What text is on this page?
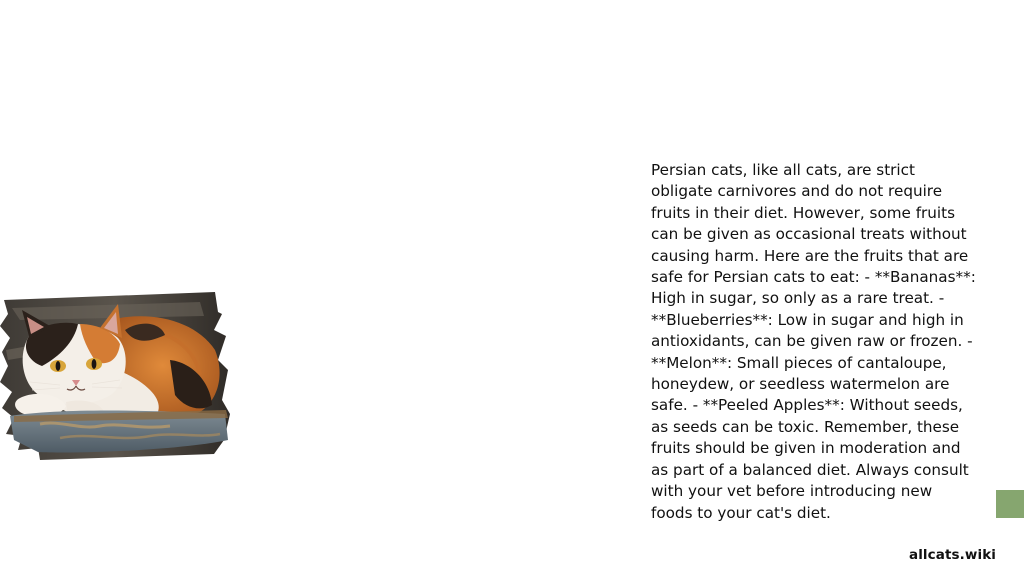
Persian cats, like all cats, are strict obligate carnivores and do not require fruits in their diet. However, some fruits can be given as occasional treats without causing harm. Here are the fruits that are safe for Persian cats to eat: - **Bananas**: High in sugar, so only as a rare treat. - **Blueberries**: Low in sugar and high in antioxidants, can be given raw or frozen. - **Melon**: Small pieces of cantaloupe, honeydew, or seedless watermelon are safe. - **Peeled Apples**: Without seeds, as seeds can be toxic. Remember, these fruits should be given in moderation and as part of a balanced diet. Always consult with your vet before introducing new foods to your cat's diet.

allcats.wiki
